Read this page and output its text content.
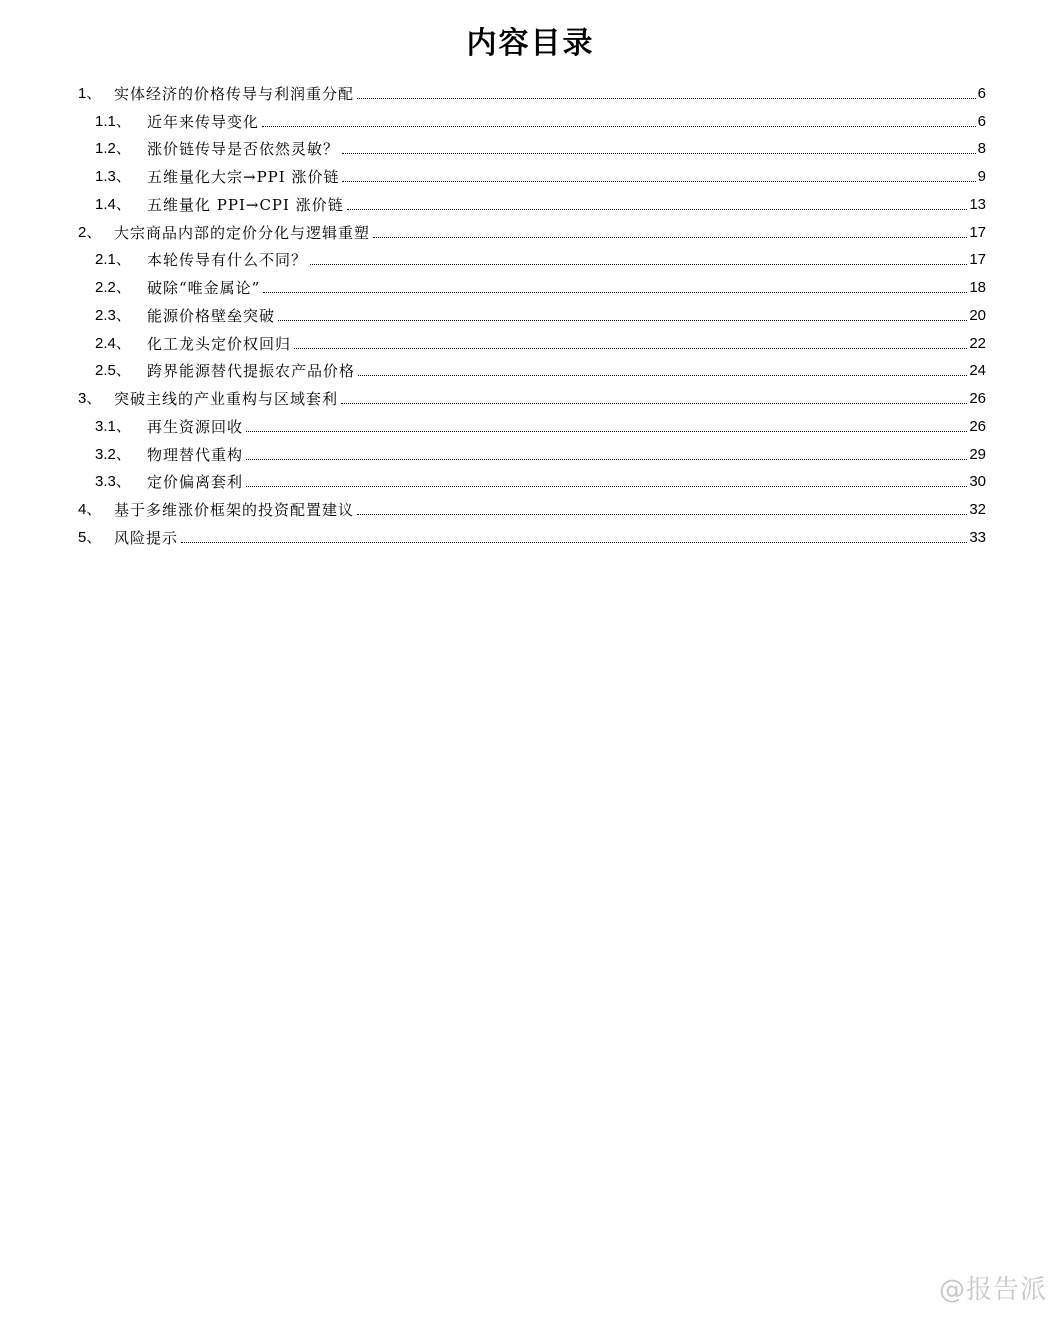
内容目录
1、 实体经济的价格传导与利润重分配	6
1.1、	近年来传导变化	6
1.2、	涨价链传导是否依然灵敏？	8
1.3、	五维量化大宗→PPI 涨价链	9
1.4、	五维量化 PPI→CPI 涨价链	13
2、 大宗商品内部的定价分化与逻辑重塑	17
2.1、	本轮传导有什么不同？	17
2.2、	破除“唯金属论”	18
2.3、	能源价格壁垒突破	20
2.4、	化工龙头定价权回归	22
2.5、	跨界能源替代提振农产品价格	24
3、 突破主线的产业重构与区域套利	26
3.1、	再生资源回收	26
3.2、	物理替代重构	29
3.3、	定价偏离套利	30
4、 基于多维涨价框架的投资配置建议	32
5、 风险提示	33
@报告派
